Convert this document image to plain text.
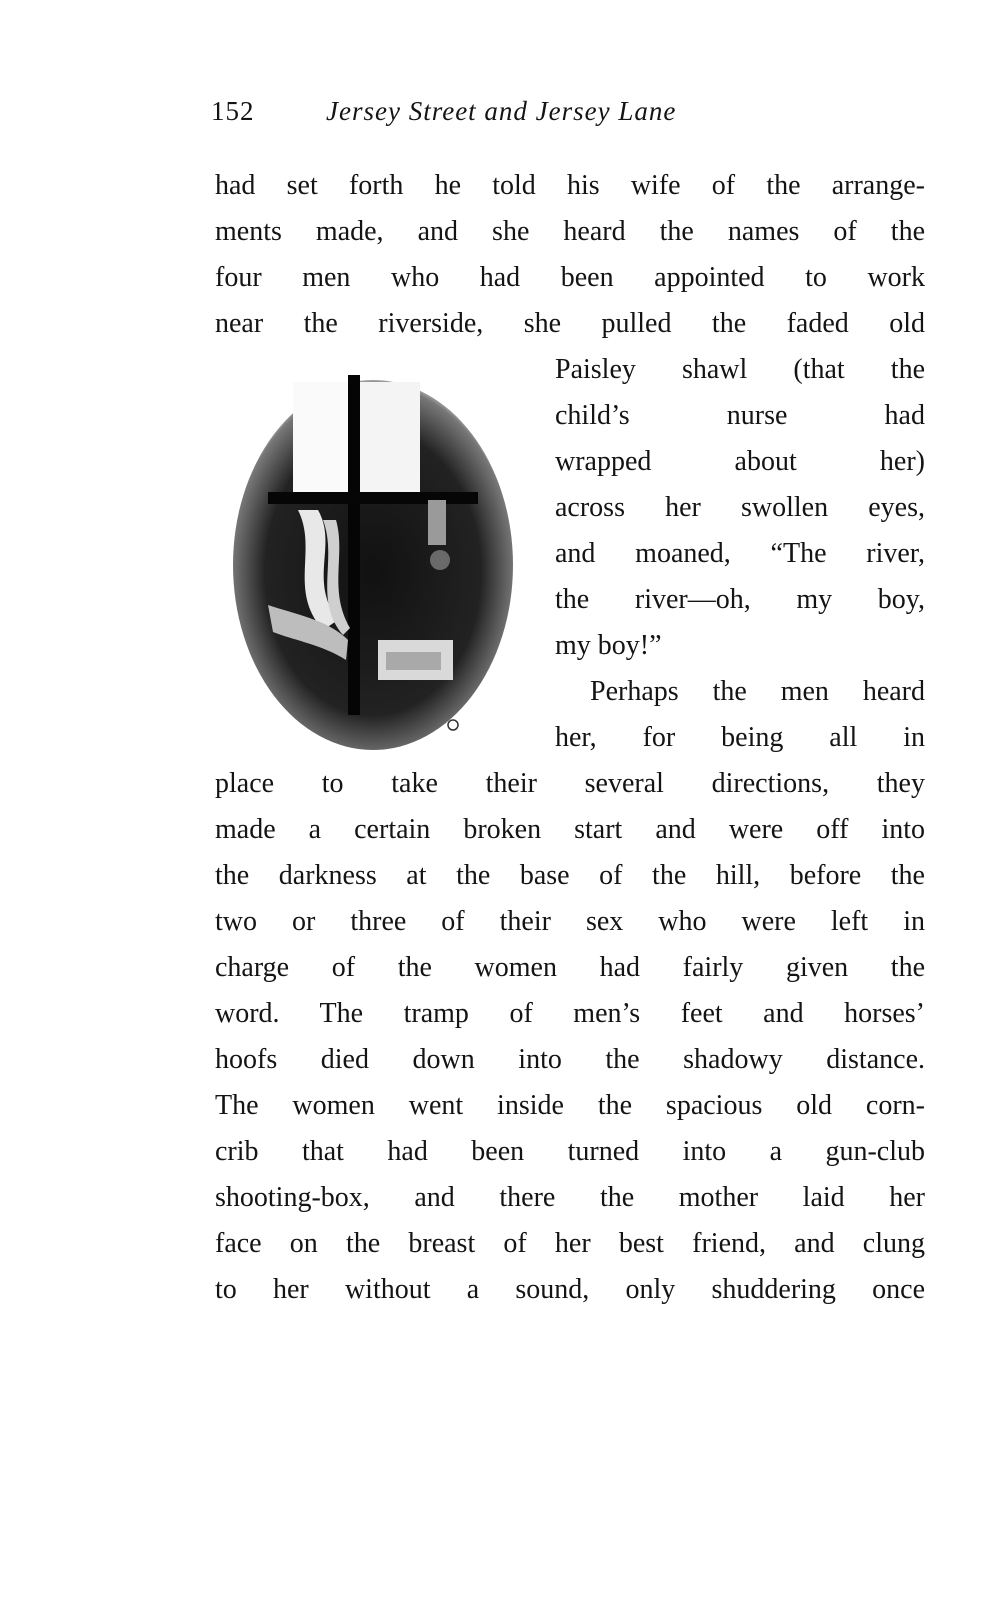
152	Jersey Street and Jersey Lane
had set forth he told his wife of the arrange-
ments made, and she heard the names of the
four men who had been appointed to work
near the riverside, she pulled the faded old
Paisley shawl (that the
child’s nurse had
wrapped about her)
across her swollen eyes,
and moaned, “The river,
the river—oh, my boy,
my boy!”
Perhaps the men heard
her, for being all in
place to take their several directions, they
made a certain broken start and were off into
the darkness at the base of the hill, before the
two or three of their sex who were left in
charge of the women had fairly given the
word. The tramp of men’s feet and horses’
hoofs died down into the shadowy distance.
The women went inside the spacious old corn-
crib that had been turned into a gun-club
shooting-box, and there the mother laid her
face on the breast of her best friend, and clung
to her without a sound, only shuddering once
